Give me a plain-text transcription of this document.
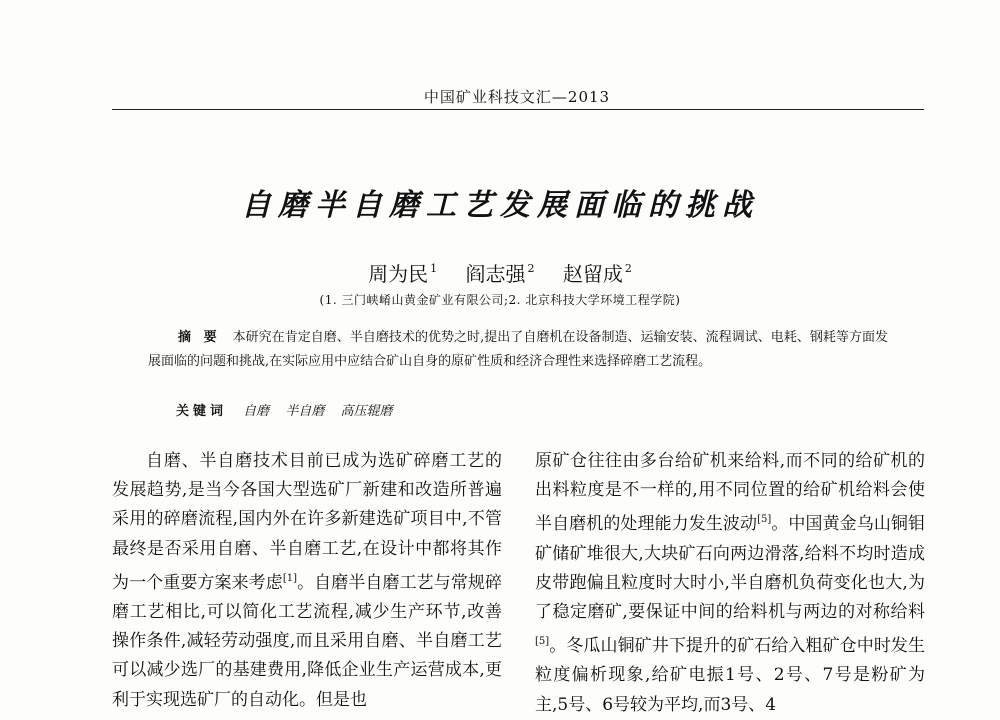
中国矿业科技文汇—2013
自磨半自磨工艺发展面临的挑战
周为民 $^1$ 阎志强 $^2$ 赵留成 $^2$
(1. 三门峡崤山黄金矿业有限公司;2. 北京科技大学环境工程学院)
摘 要 本研究在肯定自磨、半自磨技术的优势之时,提出了自磨机在设备制造、运输安装、流程调试、电耗、钢耗等方面发展面临的问题和挑战,在实际应用中应结合矿山自身的原矿性质和经济合理性来选择碎磨工艺流程。
关键词 自磨 半自磨 高压辊磨

自磨、半自磨技术目前已成为选矿碎磨工艺的发展趋势,是当今各国大型选矿厂新建和改造所普遍采用的碎磨流程,国内外在许多新建选矿项目中,不管最终是否采用自磨、半自磨工艺,在设计中都将其作为一个重要方案来考虑[1]。自磨半自磨工艺与常规碎磨工艺相比,可以简化工艺流程,减少生产环节,改善操作条件,减轻劳动强度,而且采用自磨、半自磨工艺可以减少选厂的基建费用,降低企业生产运营成本,更利于实现选矿厂的自动化。但是也

原矿仓往往由多台给矿机来给料,而不同的给矿机的出料粒度是不一样的,用不同位置的给矿机给料会使半自磨机的处理能力发生波动[5]。中国黄金乌山铜钼矿储矿堆很大,大块矿石向两边滑落,给料不均时造成皮带跑偏且粒度时大时小,半自磨机负荷变化也大,为了稳定磨矿,要保证中间的给料机与两边的对称给料[5]。冬瓜山铜矿井下提升的矿石给入粗矿仓中时发生粒度偏析现象,给矿电振1号、2号、7号是粉矿为主,5号、6号较为平均,而3号、4
